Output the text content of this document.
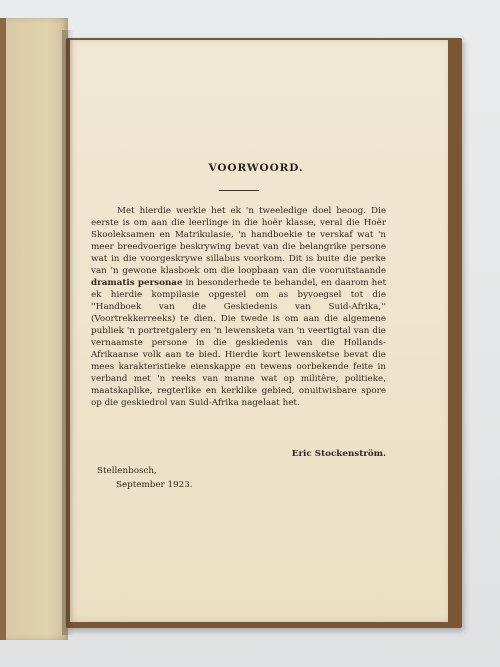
VOORWOORD.

Met hierdie werkie het ek 'n tweeledige doel beoog. Die eerste is om aan die leerlinge in die hoër klasse, veral die Hoër Skooleksamen en Matrikulasie, 'n handboekie te verskaf wat 'n meer breedvoerige beskrywing bevat van die belangrike persone wat in die voorgeskrywe sillabus voorkom. Dit is buite die perke van 'n gewone klasboek om die loopbaan van die vooruitstaande dramatis personae in besonderhede te behandel, en daarom het ek hierdie kompilasie opgestel om as byvoegsel tot die ''Handboek van die Geskiedenis van Suid-Afrika,'' (Voortrekkerreeks) te dien. Die twede is om aan die algemene publiek 'n portretgalery en 'n lewensketa van 'n veertigtal van die vernaamste persone in die geskiedenis van die Hollands-Afrikaanse volk aan te bied. Hierdie kort lewensketse bevat die mees karakteristieke eienskappe en tewens oorbekende feite in verband met 'n reeks van manne wat op militêre, politieke, maatskaplike, regterlike en kerklike gebied, onuitwisbare spore op die geskiedrol van Suid-Afrika nagelaat het.

Eric Stockenström.
Stellenbosch,
September 1923.
